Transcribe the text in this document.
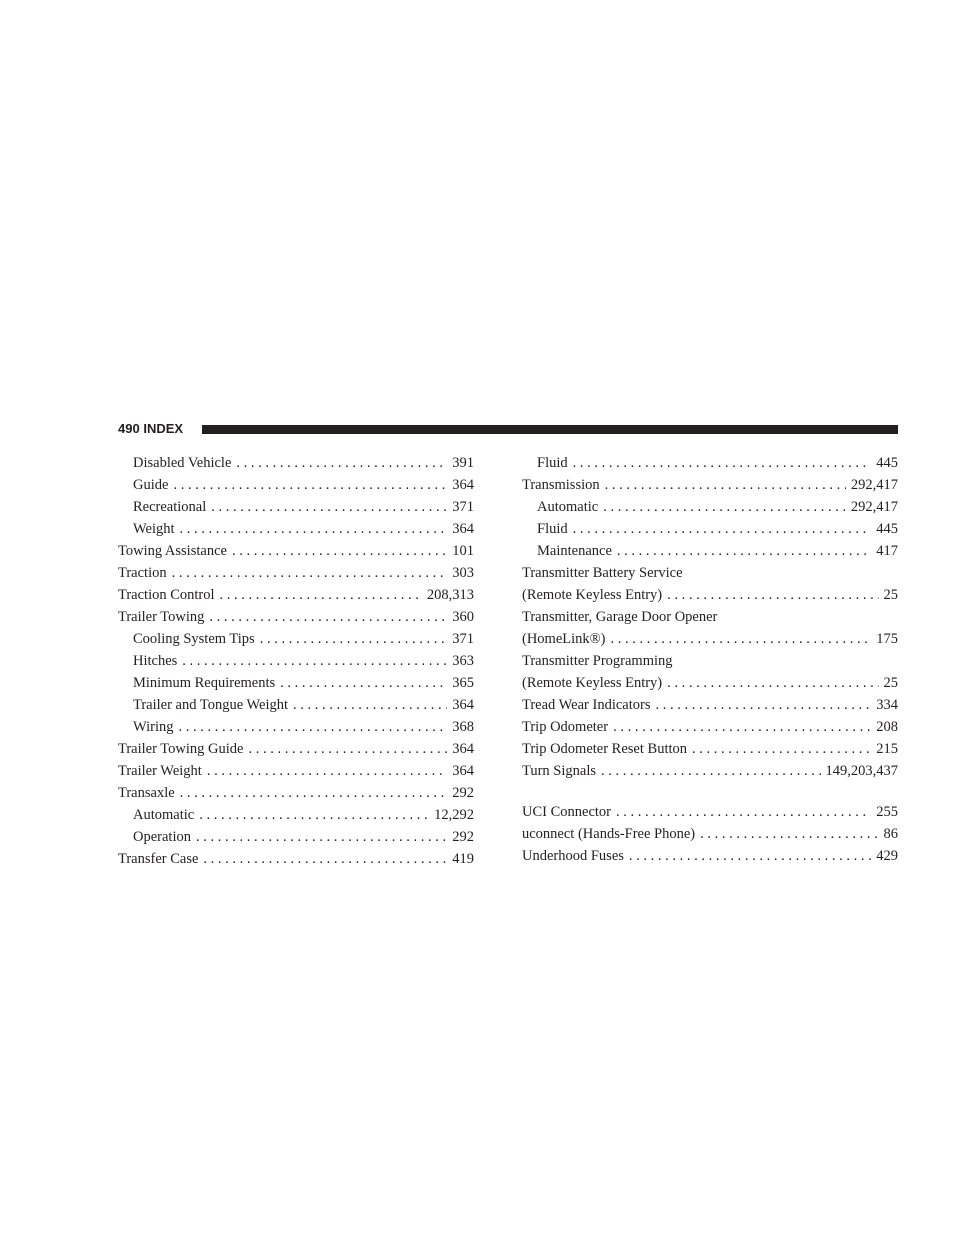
490 INDEX
Disabled Vehicle . . .	391
Guide . . .	364
Recreational . . .	371
Weight . . .	364
Towing Assistance . . .	101
Traction . . .	303
Traction Control . . .	208,313
Trailer Towing . . .	360
Cooling System Tips . . .	371
Hitches . . .	363
Minimum Requirements . . .	365
Trailer and Tongue Weight . . .	364
Wiring . . .	368
Trailer Towing Guide . . .	364
Trailer Weight . . .	364
Transaxle . . .	292
Automatic . . .	12,292
Operation . . .	292
Transfer Case . . .	419
Fluid . . .	445
Transmission . . .	292,417
Automatic . . .	292,417
Fluid . . .	445
Maintenance . . .	417
Transmitter Battery Service
(Remote Keyless Entry) . . .	25
Transmitter, Garage Door Opener
(HomeLink®) . . .	175
Transmitter Programming
(Remote Keyless Entry) . . .	25
Tread Wear Indicators . . .	334
Trip Odometer . . .	208
Trip Odometer Reset Button . . .	215
Turn Signals . . .	149,203,437
UCI Connector . . .	255
uconnect (Hands-Free Phone) . . .	86
Underhood Fuses . . .	429
